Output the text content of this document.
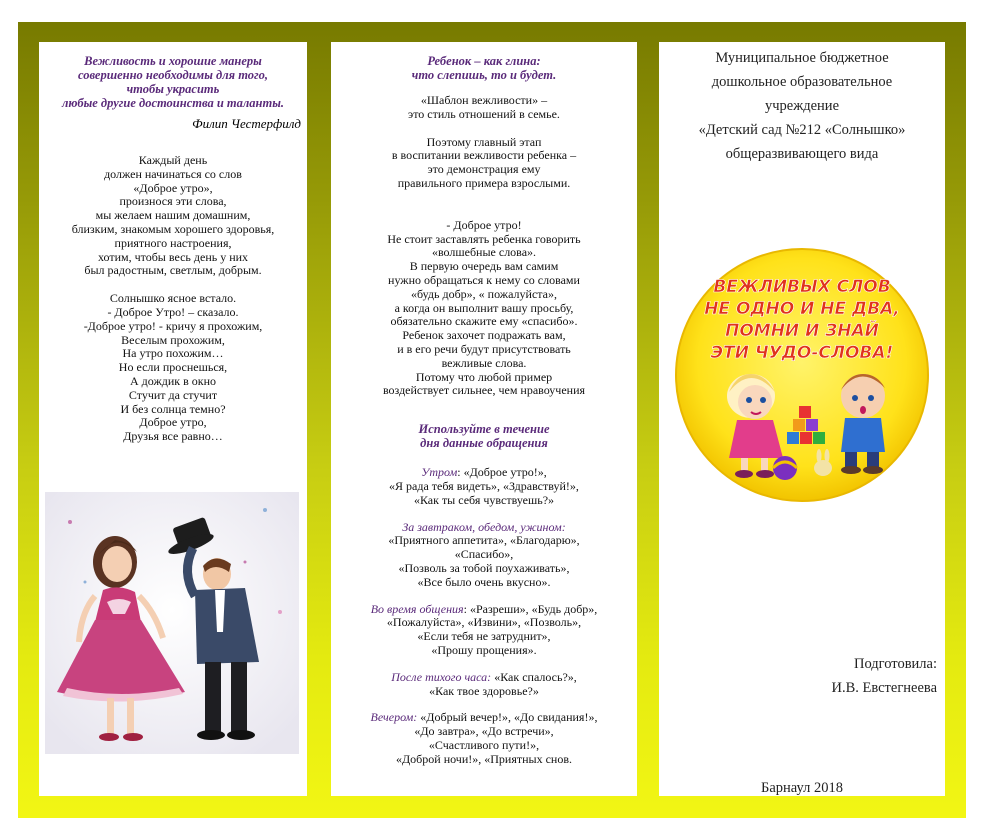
Вежливость и хорошие манеры
совершенно необходимы для того,
чтобы украсить
любые другие достоинства и таланты.
Филип Честерфилд
Каждый день
должен начинаться со слов
«Доброе утро»,
произнося эти слова,
мы желаем нашим домашним,
близким, знакомым хорошего здоровья,
приятного настроения,
хотим, чтобы весь день у них
был радостным, светлым, добрым.
Солнышко ясное встало.
- Доброе Утро! – сказало.
-Доброе утро! - кричу я прохожим,
Веселым прохожим,
На утро похожим…
Но если проснешься,
А дождик в окно
Стучит да стучит
И без солнца темно?
Доброе утро,
Друзья все равно…
Ребенок – как глина:
что слепишь, то и будет.
«Шаблон вежливости» –
это стиль отношений в семье.
Поэтому главный этап
в воспитании вежливости ребенка –
это демонстрация ему
правильного примера взрослыми.
- Доброе утро!
Не стоит заставлять ребенка говорить
«волшебные слова».
В первую очередь вам самим
нужно обращаться к нему со словами
«будь добр», « пожалуйста»,
а когда он выполнит вашу просьбу,
обязательно скажите ему «спасибо».
Ребенок захочет подражать вам,
и в его речи будут присутствовать
вежливые слова.
Потому что любой пример
воздействует сильнее, чем нравоучения
Используйте в течение
дня данные обращения
Утром: «Доброе утро!»,
«Я рада тебя видеть», «Здравствуй!»,
«Как ты себя чувствуешь?»
За завтраком, обедом, ужином:
«Приятного аппетита», «Благодарю»,
«Спасибо»,
«Позволь за тобой поухаживать»,
«Все было очень вкусно».
Во время общения: «Разреши», «Будь добр»,
«Пожалуйста», «Извини», «Позволь»,
«Если тебя не затруднит»,
«Прошу прощения».
После тихого часа: «Как спалось?»,
«Как твое здоровье?»
Вечером: «Добрый вечер!», «До свидания!»,
«До завтра», «До встречи»,
«Счастливого пути!»,
«Доброй ночи!», «Приятных снов.
Муниципальное бюджетное
дошкольное образовательное
учреждение
«Детский сад №212 «Солнышко»
общеразвивающего вида
ВЕЖЛИВЫХ СЛОВ
НЕ ОДНО И НЕ ДВА,
ПОМНИ И ЗНАЙ
ЭТИ ЧУДО-СЛОВА!
Подготовила:
И.В. Евстегнеева
Барнаул 2018
